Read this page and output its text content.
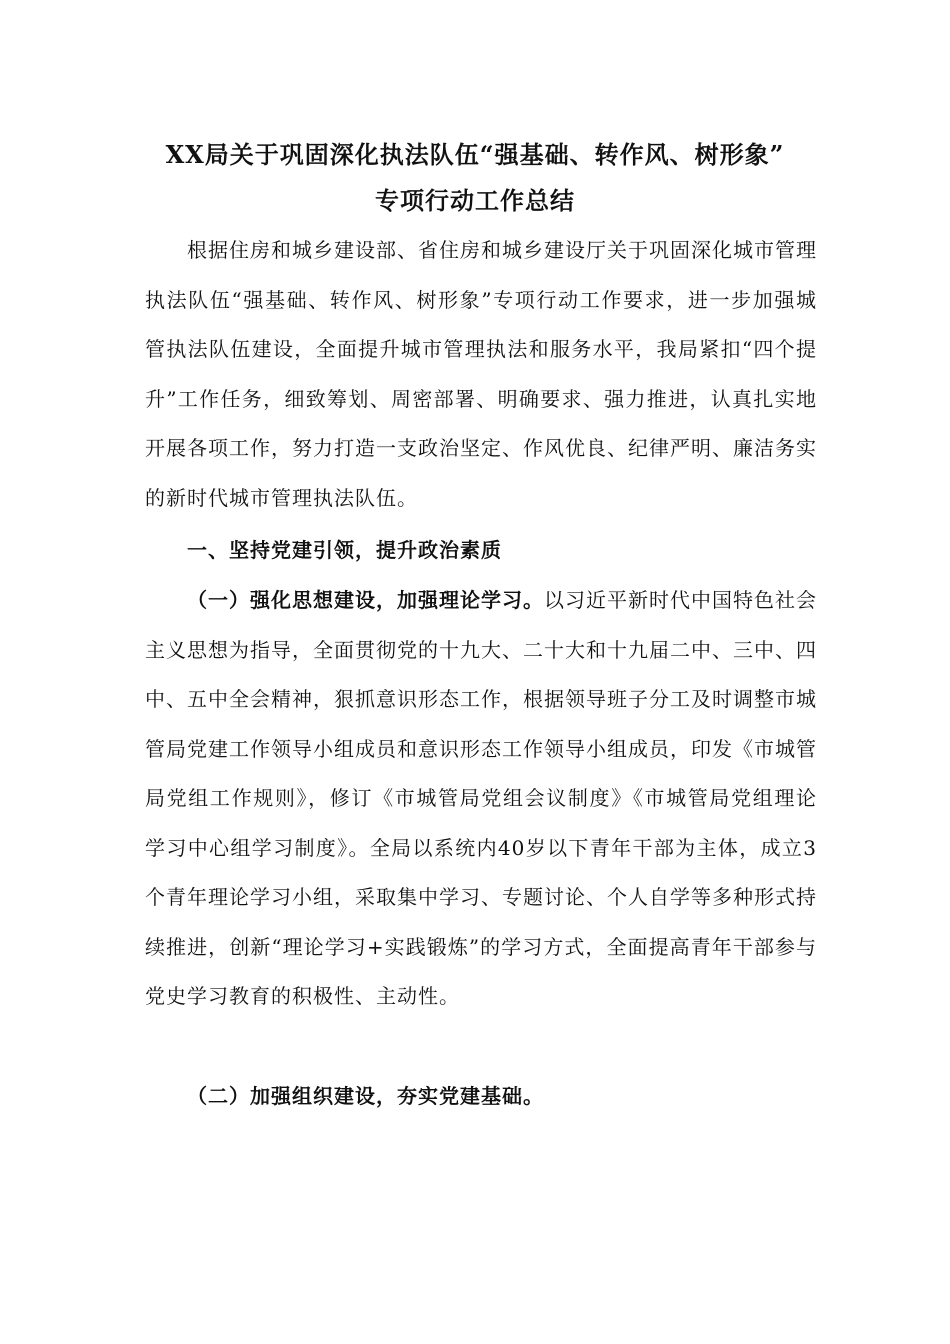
XX局关于巩固深化执法队伍“强基础、转作风、树形象”
专项行动工作总结

根据住房和城乡建设部、省住房和城乡建设厅关于巩固深化城市管理执法队伍“强基础、转作风、树形象”专项行动工作要求，进一步加强城管执法队伍建设，全面提升城市管理执法和服务水平，我局紧扣“四个提升”工作任务，细致筹划、周密部署、明确要求、强力推进，认真扎实地开展各项工作，努力打造一支政治坚定、作风优良、纪律严明、廉洁务实的新时代城市管理执法队伍。

一、坚持党建引领，提升政治素质

（一）强化思想建设，加强理论学习。以习近平新时代中国特色社会主义思想为指导，全面贯彻党的十九大、二十大和十九届二中、三中、四中、五中全会精神，狠抓意识形态工作，根据领导班子分工及时调整市城管局党建工作领导小组成员和意识形态工作领导小组成员，印发《市城管局党组工作规则》，修订《市城管局党组会议制度》《市城管局党组理论学习中心组学习制度》。全局以系统内40岁以下青年干部为主体，成立3个青年理论学习小组，采取集中学习、专题讨论、个人自学等多种形式持续推进，创新“理论学习+实践锻炼”的学习方式，全面提高青年干部参与党史学习教育的积极性、主动性。

（二）加强组织建设，夯实党建基础。
